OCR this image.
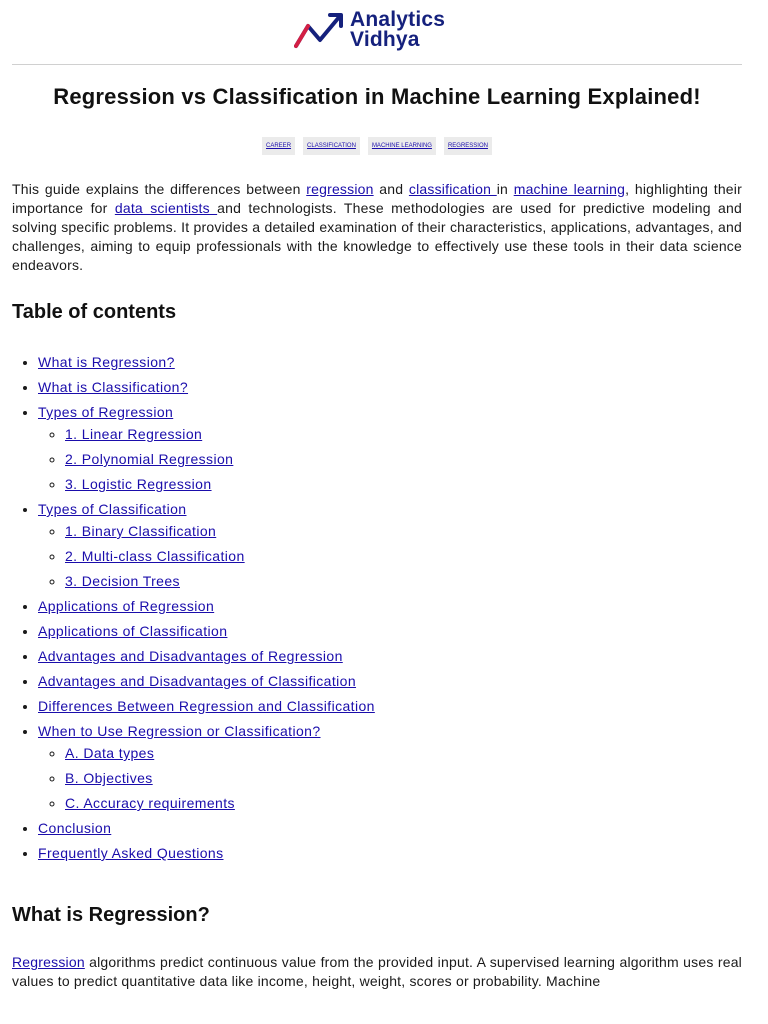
Analytics
Vidhya
Regression vs Classification in Machine Learning Explained!
CAREER	CLASSIFICATION	MACHINE LEARNING	REGRESSION

This guide explains the differences between regression and classification in machine learning, highlighting their importance for data scientists and technologists. These methodologies are used for predictive modeling and solving specific problems. It provides a detailed examination of their characteristics, applications, advantages, and challenges, aiming to equip professionals with the knowledge to effectively use these tools in their data science endeavors.

Table of contents
• What is Regression?
• What is Classification?
• Types of Regression
◦ 1. Linear Regression
◦ 2. Polynomial Regression
◦ 3. Logistic Regression
• Types of Classification
◦ 1. Binary Classification
◦ 2. Multi-class Classification
◦ 3. Decision Trees
• Applications of Regression
• Applications of Classification
• Advantages and Disadvantages of Regression
• Advantages and Disadvantages of Classification
• Differences Between Regression and Classification
• When to Use Regression or Classification?
◦ A. Data types
◦ B. Objectives
◦ C. Accuracy requirements
• Conclusion
• Frequently Asked Questions
What is Regression?

Regression algorithms predict continuous value from the provided input. A supervised learning algorithm uses real values to predict quantitative data like income, height, weight, scores or probability. Machine
